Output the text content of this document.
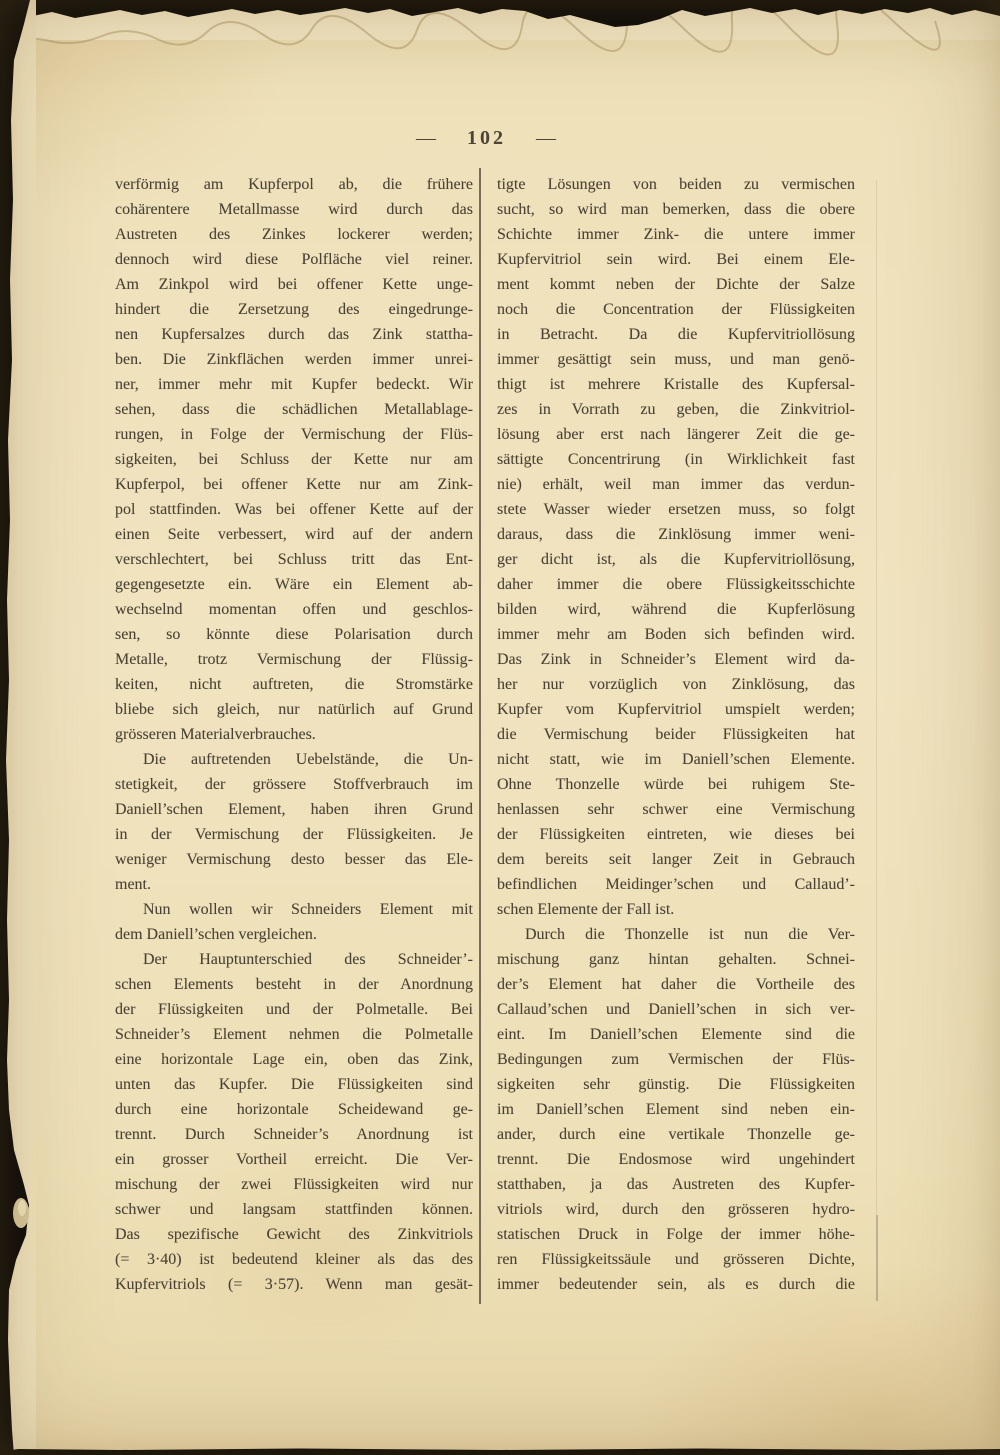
— 102 —
verförmig am Kupferpol ab, die frühere
cohärentere Metallmasse wird durch das
Austreten des Zinkes lockerer werden;
dennoch wird diese Polfläche viel reiner.
Am Zinkpol wird bei offener Kette unge-
hindert die Zersetzung des eingedrunge-
nen Kupfersalzes durch das Zink stattha-
ben. Die Zinkflächen werden immer unrei-
ner, immer mehr mit Kupfer bedeckt. Wir
sehen, dass die schädlichen Metallablage-
rungen, in Folge der Vermischung der Flüs-
sigkeiten, bei Schluss der Kette nur am
Kupferpol, bei offener Kette nur am Zink-
pol stattfinden. Was bei offener Kette auf der
einen Seite verbessert, wird auf der andern
verschlechtert, bei Schluss tritt das Ent-
gegengesetzte ein. Wäre ein Element ab-
wechselnd momentan offen und geschlos-
sen, so könnte diese Polarisation durch
Metalle, trotz Vermischung der Flüssig-
keiten, nicht auftreten, die Stromstärke
bliebe sich gleich, nur natürlich auf Grund
grösseren Materialverbrauches.
Die auftretenden Uebelstände, die Un-
stetigkeit, der grössere Stoffverbrauch im
Daniell’schen Element, haben ihren Grund
in der Vermischung der Flüssigkeiten. Je
weniger Vermischung desto besser das Ele-
ment.
Nun wollen wir Schneiders Element mit
dem Daniell’schen vergleichen.
Der Hauptunterschied des Schneider’-
schen Elements besteht in der Anordnung
der Flüssigkeiten und der Polmetalle. Bei
Schneider’s Element nehmen die Polmetalle
eine horizontale Lage ein, oben das Zink,
unten das Kupfer. Die Flüssigkeiten sind
durch eine horizontale Scheidewand ge-
trennt. Durch Schneider’s Anordnung ist
ein grosser Vortheil erreicht. Die Ver-
mischung der zwei Flüssigkeiten wird nur
schwer und langsam stattfinden können.
Das spezifische Gewicht des Zinkvitriols
(= 3·40) ist bedeutend kleiner als das des
Kupfervitriols (= 3·57). Wenn man gesät-
tigte Lösungen von beiden zu vermischen
sucht, so wird man bemerken, dass die obere
Schichte immer Zink- die untere immer
Kupfervitriol sein wird. Bei einem Ele-
ment kommt neben der Dichte der Salze
noch die Concentration der Flüssigkeiten
in Betracht. Da die Kupfervitriollösung
immer gesättigt sein muss, und man genö-
thigt ist mehrere Kristalle des Kupfersal-
zes in Vorrath zu geben, die Zinkvitriol-
lösung aber erst nach längerer Zeit die ge-
sättigte Concentrirung (in Wirklichkeit fast
nie) erhält, weil man immer das verdun-
stete Wasser wieder ersetzen muss, so folgt
daraus, dass die Zinklösung immer weni-
ger dicht ist, als die Kupfervitriollösung,
daher immer die obere Flüssigkeitsschichte
bilden wird, während die Kupferlösung
immer mehr am Boden sich befinden wird.
Das Zink in Schneider’s Element wird da-
her nur vorzüglich von Zinklösung, das
Kupfer vom Kupfervitriol umspielt werden;
die Vermischung beider Flüssigkeiten hat
nicht statt, wie im Daniell’schen Elemente.
Ohne Thonzelle würde bei ruhigem Ste-
henlassen sehr schwer eine Vermischung
der Flüssigkeiten eintreten, wie dieses bei
dem bereits seit langer Zeit in Gebrauch
befindlichen Meidinger’schen und Callaud’-
schen Elemente der Fall ist.
Durch die Thonzelle ist nun die Ver-
mischung ganz hintan gehalten. Schnei-
der’s Element hat daher die Vortheile des
Callaud’schen und Daniell’schen in sich ver-
eint. Im Daniell’schen Elemente sind die
Bedingungen zum Vermischen der Flüs-
sigkeiten sehr günstig. Die Flüssigkeiten
im Daniell’schen Element sind neben ein-
ander, durch eine vertikale Thonzelle ge-
trennt. Die Endosmose wird ungehindert
statthaben, ja das Austreten des Kupfer-
vitriols wird, durch den grösseren hydro-
statischen Druck in Folge der immer höhe-
ren Flüssigkeitssäule und grösseren Dichte,
immer bedeutender sein, als es durch die
